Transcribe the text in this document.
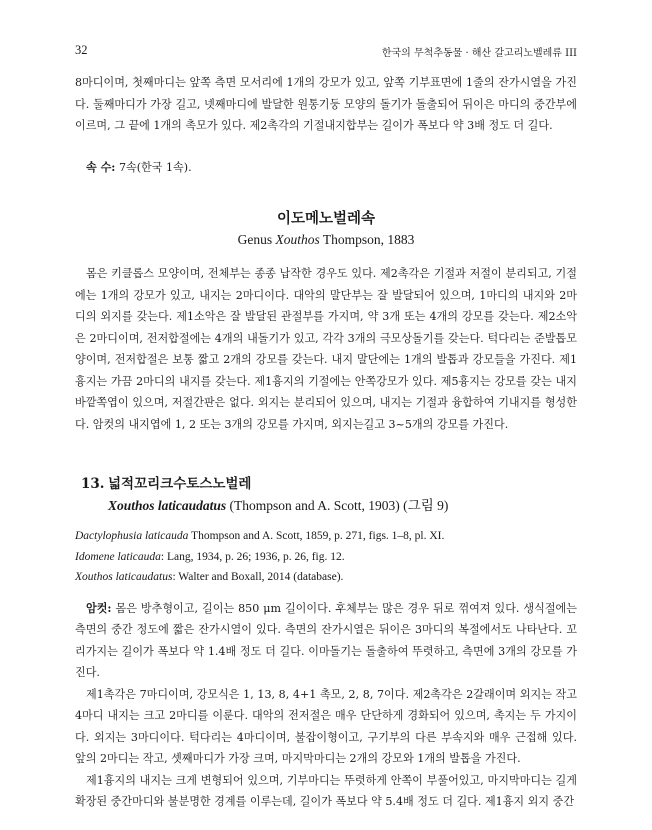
32	한국의 무척추동물 · 해산 갈고리노벨레류 III

8마디이며, 첫째마디는 앞쪽 측면 모서리에 1개의 강모가 있고, 앞쪽 기부표면에 1줄의 잔가시열을 가진다. 둘째마디가 가장 길고, 넷째마디에 발달한 원통기둥 모양의 돌기가 돌출되어 뒤이은 마디의 중간부에 이르며, 그 끝에 1개의 촉모가 있다. 제2촉각의 기절내지합부는 길이가 폭보다 약 3배 정도 더 길다.

속 수: 7속(한국 1속).

이도메노벌레속
Genus Xouthos Thompson, 1883

몸은 키클롭스 모양이며, 전체부는 종종 납작한 경우도 있다. 제2촉각은 기절과 저절이 분리되고, 기절에는 1개의 강모가 있고, 내지는 2마디이다. 대악의 말단부는 잘 발달되어 있으며, 1마디의 내지와 2마디의 외지를 갖는다. 제1소악은 잘 발달된 관절부를 가지며, 약 3개 또는 4개의 강모를 갖는다. 제2소악은 2마디이며, 전저합절에는 4개의 내돌기가 있고, 각각 3개의 극모상돌기를 갖는다. 턱다리는 준발톱모양이며, 전저합절은 보통 짧고 2개의 강모를 갖는다. 내지 말단에는 1개의 발톱과 강모들을 가진다. 제1흉지는 가끔 2마디의 내지를 갖는다. 제1흉지의 기절에는 안쪽강모가 있다. 제5흉지는 강모를 갖는 내지 바깥쪽엽이 있으며, 저절간판은 없다. 외지는 분리되어 있으며, 내지는 기절과 융합하여 기내지를 형성한다. 암컷의 내지엽에 1, 2 또는 3개의 강모를 가지며, 외지는길고 3~5개의 강모를 가진다.

13. 넓적꼬리크수토스노벌레
Xouthos laticaudatus (Thompson and A. Scott, 1903) (그림 9)

Dactylophusia laticauda Thompson and A. Scott, 1859, p. 271, figs. 1–8, pl. XI.

Idomene laticauda: Lang, 1934, p. 26; 1936, p. 26, fig. 12.

Xouthos laticaudatus: Walter and Boxall, 2014 (database).

암컷: 몸은 방추형이고, 길이는 850 μm 길이이다. 후체부는 많은 경우 뒤로 꺾여져 있다. 생식절에는 측면의 중간 정도에 짧은 잔가시열이 있다. 측면의 잔가시열은 뒤이은 3마디의 복절에서도 나타난다. 꼬리가지는 길이가 폭보다 약 1.4배 정도 더 길다. 이마돌기는 돌출하여 뚜렷하고, 측면에 3개의 강모를 가진다.

제1촉각은 7마디이며, 강모식은 1, 13, 8, 4+1 촉모, 2, 8, 7이다. 제2촉각은 2갈래이며 외지는 작고 4마디 내지는 크고 2마디를 이룬다. 대악의 전저절은 매우 단단하게 경화되어 있으며, 촉지는 두 가지이다. 외지는 3마디이다. 턱다리는 4마디이며, 불잡이형이고, 구기부의 다른 부속지와 매우 근접해 있다. 앞의 2마디는 작고, 셋째마디가 가장 크며, 마지막마디는 2개의 강모와 1개의 발톱을 가진다.

제1흉지의 내지는 크게 변형되어 있으며, 기부마디는 뚜렷하게 안쪽이 부풀어있고, 마지막마디는 길게 확장된 중간마디와 불분명한 경계를 이루는데, 길이가 폭보다 약 5.4배 정도 더 길다. 제1흉지 외지 중간
